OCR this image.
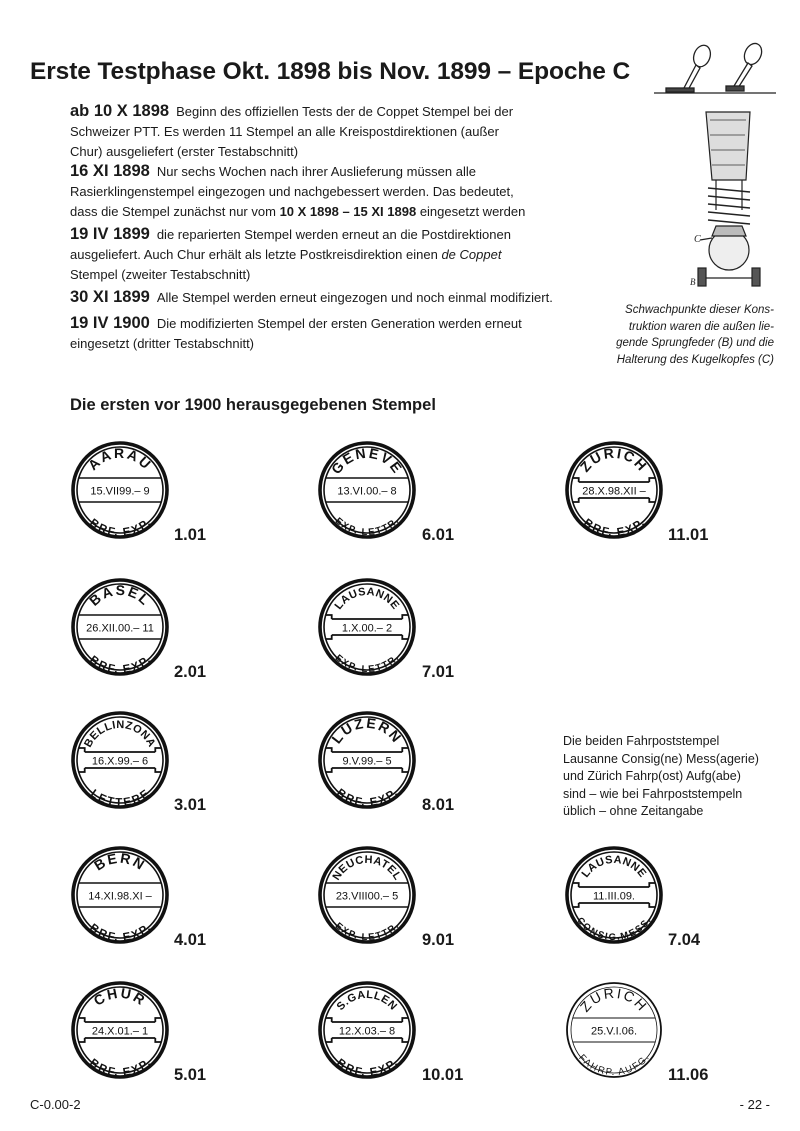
Erste Testphase Okt. 1898 bis Nov. 1899 – Epoche C
ab 10 X 1898 Beginn des offiziellen Tests der de Coppet Stempel bei der
Schweizer PTT. Es werden 11 Stempel an alle Kreispostdirektionen (außer
Chur) ausgeliefert (erster Testabschnitt)
16 XI 1898 Nur sechs Wochen nach ihrer Auslieferung müssen alle
Rasierklingenstempel eingezogen und nachgebessert werden. Das bedeutet,
dass die Stempel zunächst nur vom 10 X 1898 – 15 XI 1898 eingesetzt werden
19 IV 1899 die reparierten Stempel werden erneut an die Postdirektionen
ausgeliefert. Auch Chur erhält als letzte Postkreisdirektion einen de Coppet
Stempel (zweiter Testabschnitt)
30 XI 1899 Alle Stempel werden erneut eingezogen und noch einmal modifiziert.
19 IV 1900 Die modifizierten Stempel der ersten Generation werden erneut
eingesetzt (dritter Testabschnitt)
C
B
Schwachpunkte dieser Kons-
truktion waren die außen lie-
gende Sprungfeder (B) und die
Halterung des Kugelkopfes (C)
Die ersten vor 1900 herausgegebenen Stempel
AARAU
BRF. EXP.
15.VII99.– 9
1.01
BASEL
BRF. EXP.
26.XII.00.– 11
2.01
BELLINZONA
LETTERE
16.X.99.– 6
3.01
BERN
BRF. EXP.
14.XI.98.XI –
4.01
CHUR
BRF. EXP.
24.X.01.– 1
5.01
GENEVE
EXP. LETTR.
13.VI.00.– 8
6.01
LAUSANNE
EXP. LETTR.
1.X.00.– 2
7.01
LUZERN
BRF. EXP.
9.V.99.– 5
8.01
NEUCHATEL
EXP. LETTR.
23.VIII00.– 5
9.01
S.GALLEN
BRF. EXP.
12.X.03.– 8
10.01
ZURICH
BRF. EXP.
28.X.98.XII –
11.01
LAUSANNE
CONSIG.MESS.
11.III.09.
7.04
ZURICH
FAHRP. AUFG.
25.V.I.06.
11.06
Die beiden Fahrpoststempel
Lausanne Consig(ne) Mess(agerie)
und Zürich Fahrp(ost) Aufg(abe)
sind – wie bei Fahrpoststempeln
üblich – ohne Zeitangabe
C-0.00-2	- 22 -
